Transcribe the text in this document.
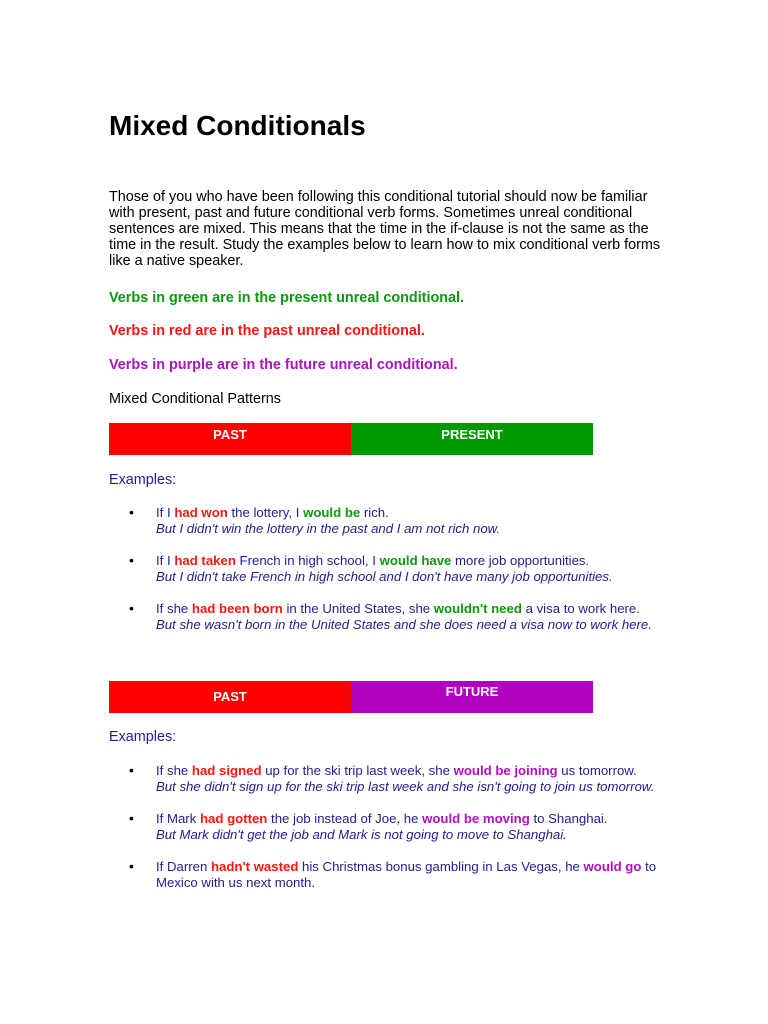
Mixed Conditionals

Those of you who have been following this conditional tutorial should now be familiar with present, past and future conditional verb forms. Sometimes unreal conditional sentences are mixed. This means that the time in the if-clause is not the same as the time in the result. Study the examples below to learn how to mix conditional verb forms like a native speaker.

Verbs in green are in the present unreal conditional.

Verbs in red are in the past unreal conditional.

Verbs in purple are in the future unreal conditional.

Mixed Conditional Patterns

PAST	PRESENT

Examples:

• If I had won the lottery, I would be rich.
But I didn't win the lottery in the past and I am not rich now.
• If I had taken French in high school, I would have more job opportunities.
But I didn't take French in high school and I don't have many job opportunities.
• If she had been born in the United States, she wouldn't need a visa to work here.
But she wasn't born in the United States and she does need a visa now to work here.
PAST	FUTURE

Examples:

• If she had signed up for the ski trip last week, she would be joining us tomorrow.
But she didn't sign up for the ski trip last week and she isn't going to join us tomorrow.
• If Mark had gotten the job instead of Joe, he would be moving to Shanghai.
But Mark didn't get the job and Mark is not going to move to Shanghai.
• If Darren hadn't wasted his Christmas bonus gambling in Las Vegas, he would go to Mexico with us next month.
